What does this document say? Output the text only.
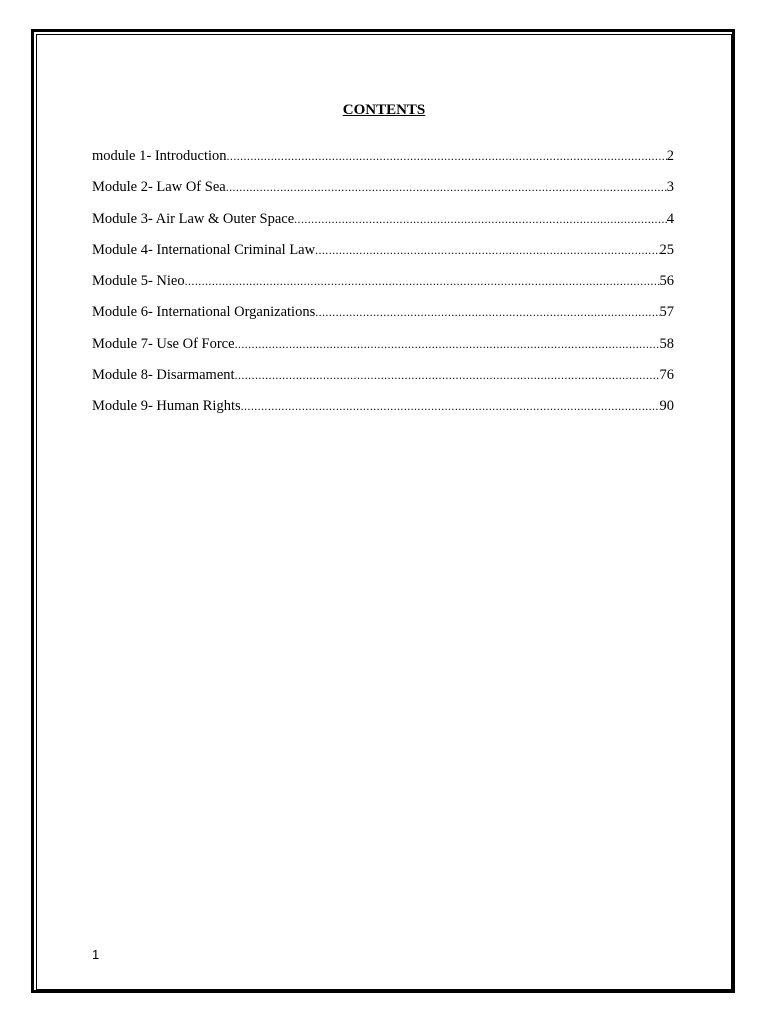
CONTENTS
module 1- Introduction .....	2
Module 2- Law Of Sea .....	3
Module 3- Air Law & Outer Space .....	4
Module 4- International Criminal Law .....	25
Module 5- Nieo .....	56
Module 6- International Organizations .....	57
Module 7- Use Of Force .....	58
Module 8- Disarmament .....	76
Module 9- Human Rights .....	90
1
